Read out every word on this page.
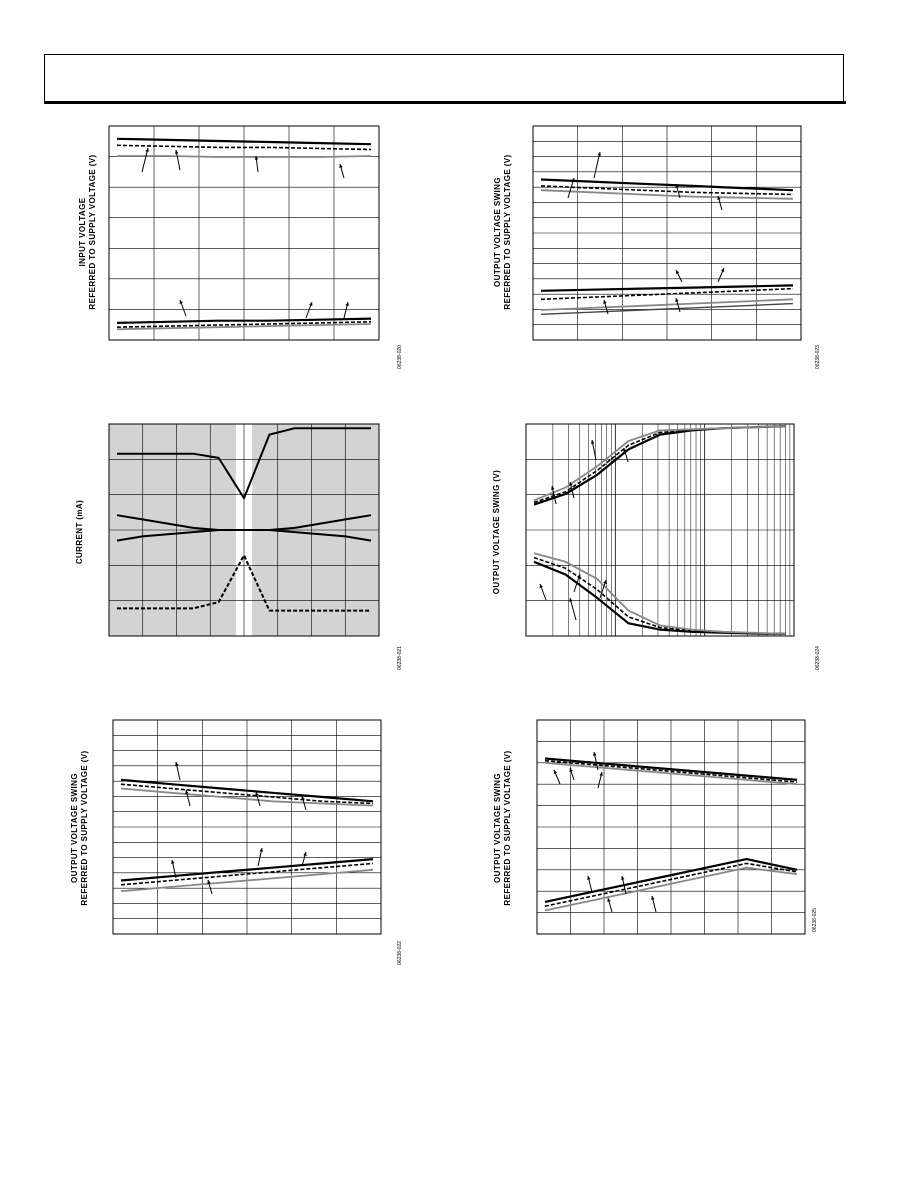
INPUT VOLTAGE
REFERRED TO SUPPLY VOLTAGE (V)
06238-020
OUTPUT VOLTAGE SWING
REFERRED TO SUPPLY VOLTAGE (V)
06238-023
CURRENT (mA)
06238-021
OUTPUT VOLTAGE SWING (V)
06238-024
OUTPUT VOLTAGE SWING
REFERRED TO SUPPLY VOLTAGE (V)
06238-022
OUTPUT VOLTAGE SWING
REFERRED TO SUPPLY VOLTAGE (V)
06238-025
